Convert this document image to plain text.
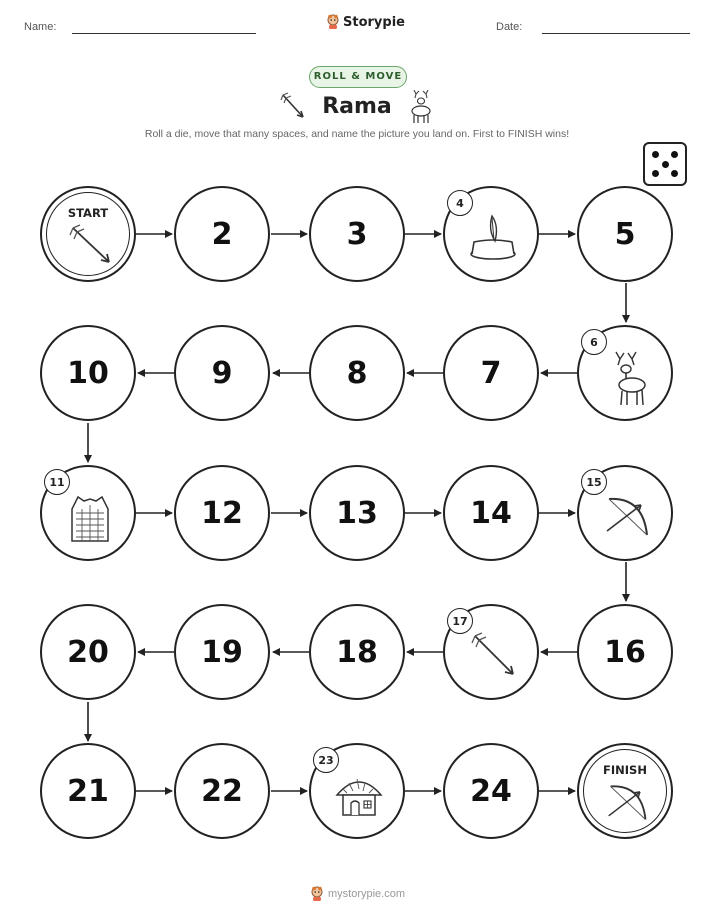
Name:	Storypie	Date:
ROLL & MOVE
Rama
Roll a die, move that many spaces, and name the picture you land on. First to FINISH wins!
START
2	3
4
5
10	9	8	7
6
11
12	13	14
15
20	19	18
17
16
21	22
23
24
FINISH
mystorypie.com
